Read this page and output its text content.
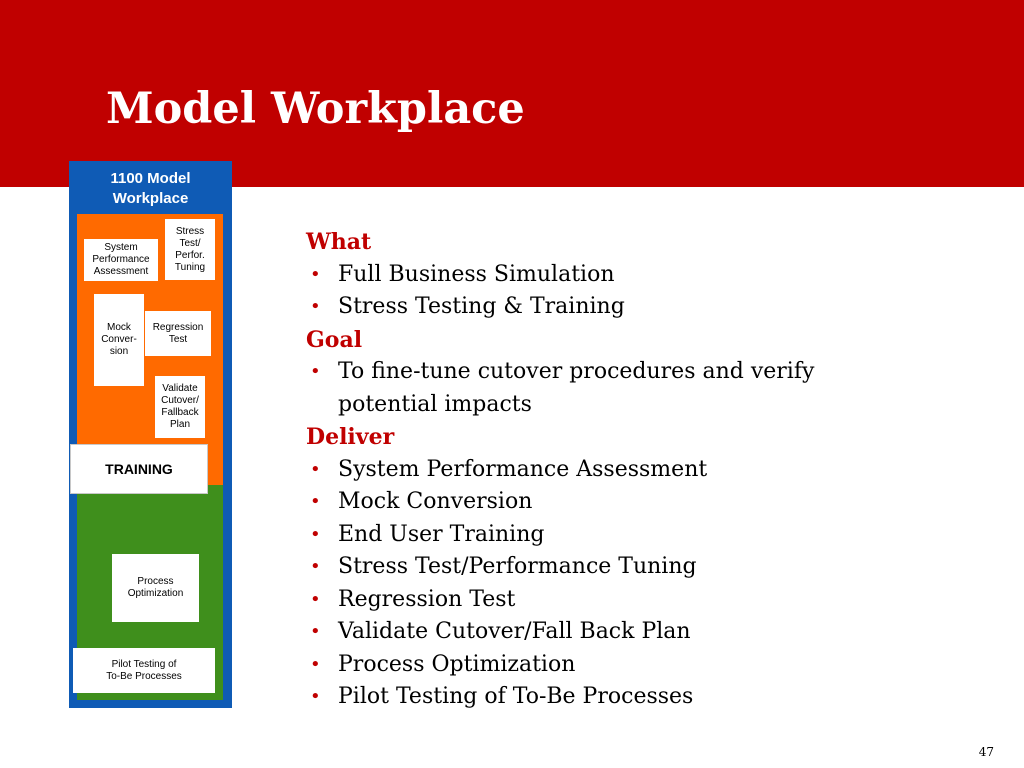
Model Workplace
1100 Model
Workplace
Stress
Test/
Perfor.
Tuning
System
Performance
Assessment
Mock
Conver-
sion
Regression
Test
Validate
Cutover/
Fallback
Plan
Process
Optimization
Pilot Testing of
To-Be Processes
TRAINING
What
• Full Business Simulation
• Stress Testing & Training
Goal
• To fine-tune cutover procedures and verify potential impacts
Deliver
• System Performance Assessment
• Mock Conversion
• End User Training
• Stress Test/Performance Tuning
• Regression Test
• Validate Cutover/Fall Back Plan
• Process Optimization
• Pilot Testing of To-Be Processes
47
